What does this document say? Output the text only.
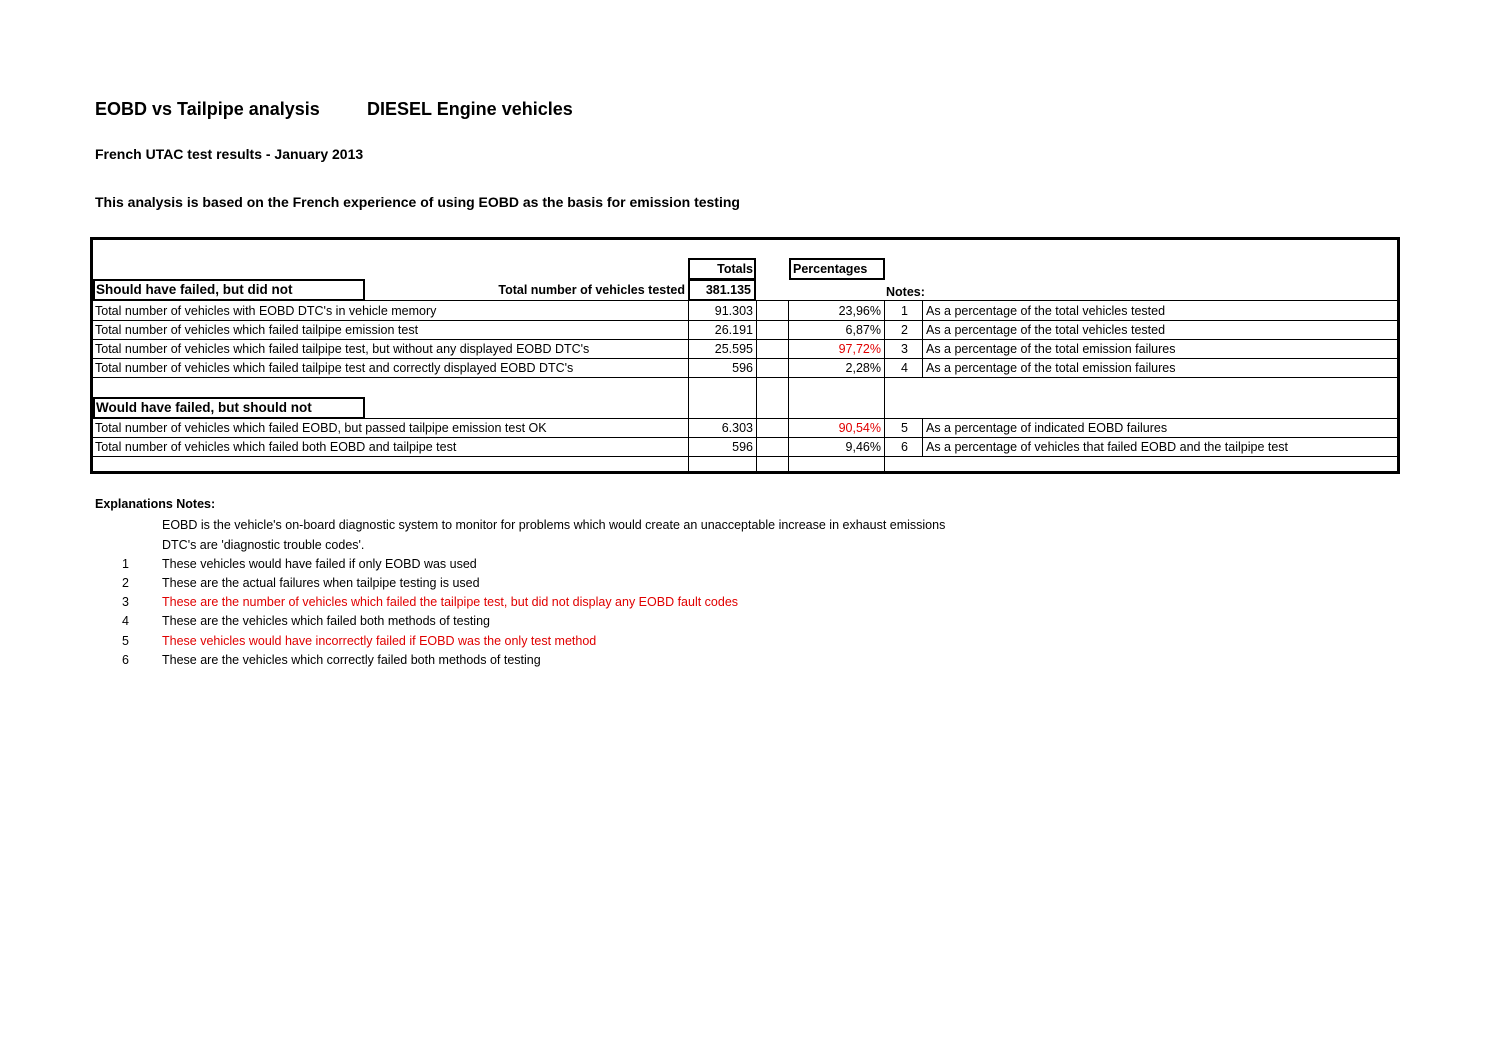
EOBD vs Tailpipe analysis	DIESEL Engine vehicles
French UTAC test results - January 2013
This analysis is based on the French experience of using EOBD as the basis for emission testing
Totals	Percentages
Should have failed, but did not	Total number of vehicles tested	381.135	Notes:
Would have failed, but should not
Total number of vehicles with EOBD DTC's in vehicle memory	91.303	23,96% 1 As a percentage of the total vehicles tested
Total number of vehicles which failed tailpipe emission test	26.191	6,87% 2 As a percentage of the total vehicles tested
Total number of vehicles which failed tailpipe test, but without any displayed EOBD DTC's	25.595	97,72% 3 As a percentage of the total emission failures
Total number of vehicles which failed tailpipe test and correctly displayed EOBD DTC's	596	2,28% 4 As a percentage of the total emission failures
Total number of vehicles which failed EOBD, but passed tailpipe emission test OK	6.303	90,54% 5 As a percentage of indicated EOBD failures
Total number of vehicles which failed both EOBD and tailpipe test	596	9,46% 6 As a percentage of vehicles that failed EOBD and the tailpipe test
Explanations Notes:
EOBD is the vehicle's on-board diagnostic system to monitor for problems which would create an unacceptable increase in exhaust emissions
DTC's are 'diagnostic trouble codes'.
1	These vehicles would have failed if only EOBD was used
2	These are the actual failures when tailpipe testing is used
3	These are the number of vehicles which failed the tailpipe test, but did not display any EOBD fault codes
4	These are the vehicles which failed both methods of testing
5	These vehicles would have incorrectly failed if EOBD was the only test method
6	These are the vehicles which correctly failed both methods of testing
